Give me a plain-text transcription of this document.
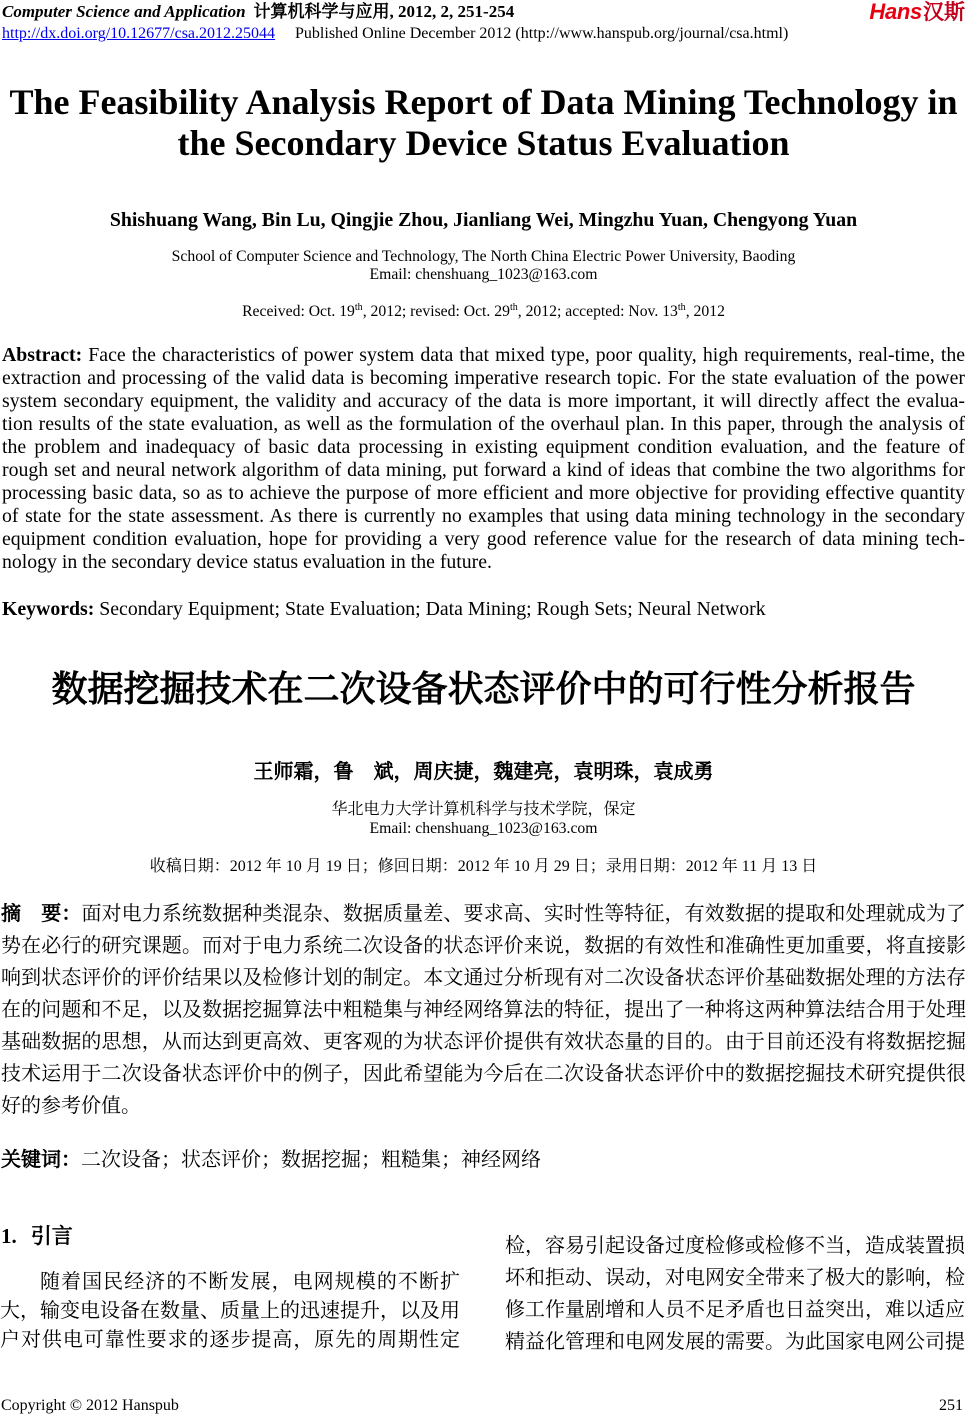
Computer Science and Application 计算机科学与应用, 2012, 2, 251-254	Hans汉斯
http://dx.doi.org/10.12677/csa.2012.25044 Published Online December 2012 (http://www.hanspub.org/journal/csa.html)
The Feasibility Analysis Report of Data Mining Technology in
the Secondary Device Status Evaluation
Shishuang Wang, Bin Lu, Qingjie Zhou, Jianliang Wei, Mingzhu Yuan, Chengyong Yuan
School of Computer Science and Technology, The North China Electric Power University, Baoding
Email: chenshuang_1023@163.com
Received: Oct. 19th, 2012; revised: Oct. 29th, 2012; accepted: Nov. 13th, 2012
Abstract: Face the characteristics of power system data that mixed type, poor quality, high requirements, real-time, the
extraction and processing of the valid data is becoming imperative research topic. For the state evaluation of the power
system secondary equipment, the validity and accuracy of the data is more important, it will directly affect the evalua-
tion results of the state evaluation, as well as the formulation of the overhaul plan. In this paper, through the analysis of
the problem and inadequacy of basic data processing in existing equipment condition evaluation, and the feature of
rough set and neural network algorithm of data mining, put forward a kind of ideas that combine the two algorithms for
processing basic data, so as to achieve the purpose of more efficient and more objective for providing effective quantity
of state for the state assessment. As there is currently no examples that using data mining technology in the secondary
equipment condition evaluation, hope for providing a very good reference value for the research of data mining tech-
nology in the secondary device status evaluation in the future.
Keywords: Secondary Equipment; State Evaluation; Data Mining; Rough Sets; Neural Network
数据挖掘技术在二次设备状态评价中的可行性分析报告
王师霜，鲁　斌，周庆捷，魏建亮，袁明珠，袁成勇
华北电力大学计算机科学与技术学院，保定
Email: chenshuang_1023@163.com
收稿日期：2012 年 10 月 19 日；修回日期：2012 年 10 月 29 日；录用日期：2012 年 11 月 13 日
摘　要：面对电力系统数据种类混杂、数据质量差、要求高、实时性等特征，有效数据的提取和处理就成为了
势在必行的研究课题。而对于电力系统二次设备的状态评价来说，数据的有效性和准确性更加重要，将直接影
响到状态评价的评价结果以及检修计划的制定。本文通过分析现有对二次设备状态评价基础数据处理的方法存
在的问题和不足，以及数据挖掘算法中粗糙集与神经网络算法的特征，提出了一种将这两种算法结合用于处理
基础数据的思想，从而达到更高效、更客观的为状态评价提供有效状态量的目的。由于目前还没有将数据挖掘
技术运用于二次设备状态评价中的例子，因此希望能为今后在二次设备状态评价中的数据挖掘技术研究提供很
好的参考价值。
关键词：二次设备；状态评价；数据挖掘；粗糙集；神经网络
1. 引言
随着国民经济的不断发展，电网规模的不断扩
大，输变电设备在数量、质量上的迅速提升，以及用
户对供电可靠性要求的逐步提高，原先的周期性定
检，容易引起设备过度检修或检修不当，造成装置损
坏和拒动、误动，对电网安全带来了极大的影响，检
修工作量剧增和人员不足矛盾也日益突出，难以适应
精益化管理和电网发展的需要。为此国家电网公司提
Copyright © 2012 Hanspub	251
